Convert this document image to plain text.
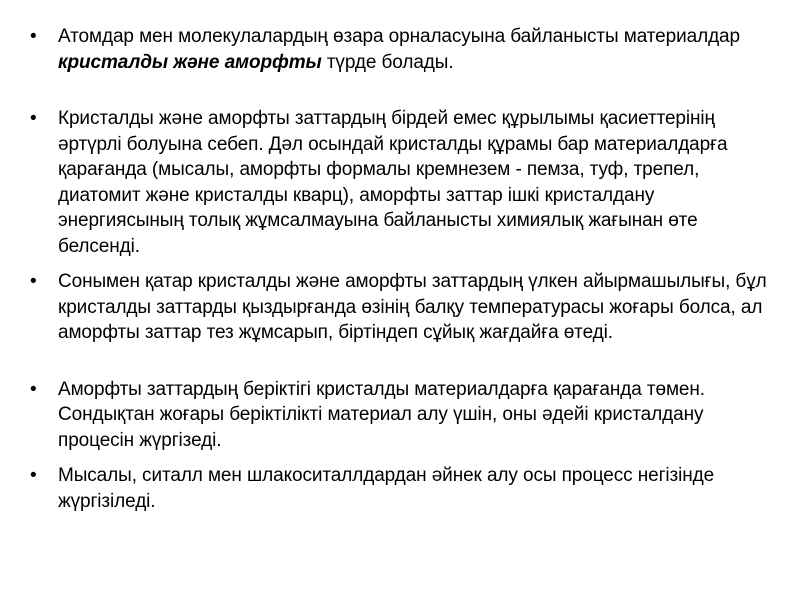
• Атомдар мен молекулалардың өзара орналасуына байланысты материалдар кристалды және аморфты түрде болады.
• Кристалды және аморфты заттардың бірдей емес құрылымы қасиеттерінің әртүрлі болуына себеп. Дәл осындай кристалды құрамы бар материалдарға қарағанда (мысалы, аморфты формалы кремнезем - пемза, туф, трепел, диатомит және кристалды кварц), аморфты заттар ішкі кристалдану энергиясының толық жұмсалмауына байланысты химиялық жағынан өте белсенді.
• Сонымен қатар кристалды және аморфты заттардың үлкен айырмашылығы, бұл кристалды заттарды қыздырғанда өзінің балқу температурасы жоғары болса, ал аморфты заттар тез жұмсарып, біртіндеп сұйық жағдайға өтеді.
• Аморфты заттардың беріктігі кристалды материалдарға қарағанда төмен. Сондықтан жоғары беріктілікті материал алу үшін, оны әдейі кристалдану процесін жүргізеді.
• Мысалы, ситалл мен шлакоситаллдардан әйнек алу осы процесс негізінде жүргізіледі.
